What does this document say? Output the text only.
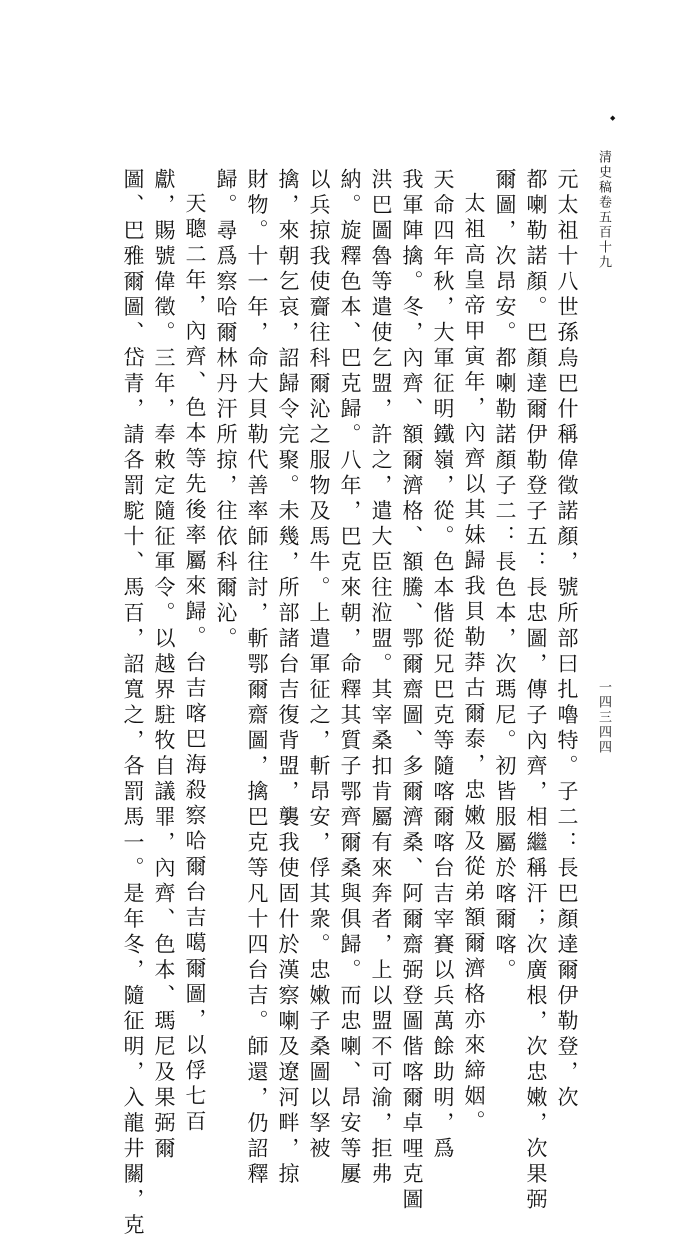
◆
清史稿卷五百十九
一四三四四

元太祖十八世孫烏巴什稱偉徵諾顏，號所部曰扎嚕特。子二：長巴顏達爾伊勒登，次

都喇勒諾顏。巴顏達爾伊勒登子五：長忠圖，傳子內齊，相繼稱汗；次廣根，次忠嫩，次果弼

爾圖，次昂安。都喇勒諾顏子二：長色本，次瑪尼。初皆服屬於喀爾喀。

太祖高皇帝甲寅年，內齊以其妹歸我貝勒莽古爾泰，忠嫩及從弟額爾濟格亦來締姻。

天命四年秋，大軍征明鐵嶺，從。色本偕從兄巴克等隨喀爾喀台吉宰賽以兵萬餘助明，爲

我軍陣擒。冬，內齊、額爾濟格、額騰、鄂爾齋圖、多爾濟桑、阿爾齋弼登圖偕喀爾卓哩克圖

洪巴圖魯等遣使乞盟，許之，遣大臣往涖盟。其宰桑扣肯屬有來奔者，上以盟不可渝，拒弗

納。旋釋色本、巴克歸。八年，巴克來朝，命釋其質子鄂齊爾桑與俱歸。而忠喇、昂安等屢

以兵掠我使齎往科爾沁之服物及馬牛。上遣軍征之，斬昂安，俘其衆。忠嫩子桑圖以孥被

擒，來朝乞哀，詔歸令完聚。未幾，所部諸台吉復背盟，襲我使固什於漢察喇及遼河畔，掠

財物。十一年，命大貝勒代善率師往討，斬鄂爾齋圖，擒巴克等凡十四台吉。師還，仍詔釋

歸。尋爲察哈爾林丹汗所掠，往依科爾沁。

天聰二年，內齊、色本等先後率屬來歸。台吉喀巴海殺察哈爾台吉噶爾圖，以俘七百

獻，賜號偉徵。三年，奉敕定隨征軍令。以越界駐牧自議罪，內齊、色本、瑪尼及果弼爾

圖、巴雅爾圖、岱青，請各罰駝十、馬百，詔寬之，各罰馬一。是年冬，隨征明，入龍井關，克
